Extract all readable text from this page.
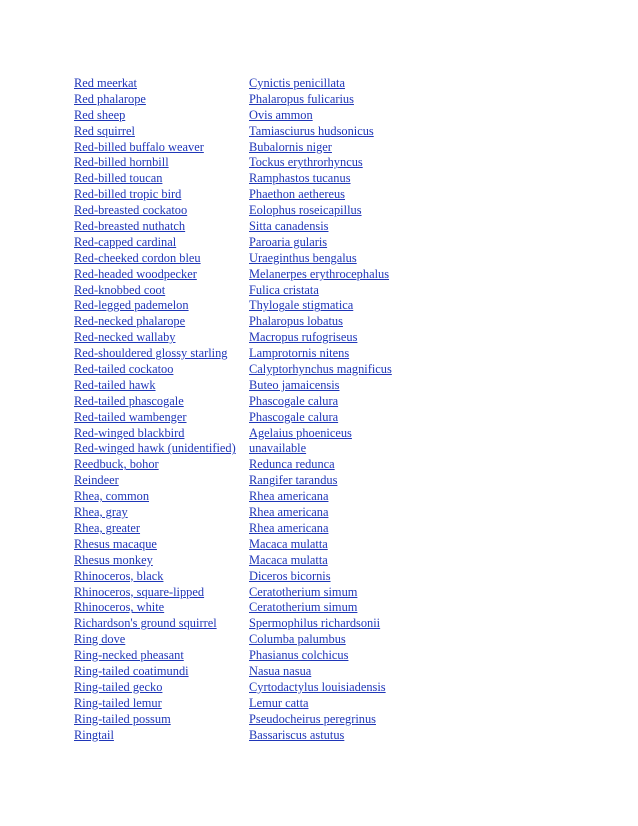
Red meerkat	Cynictis penicillata
Red phalarope	Phalaropus fulicarius
Red sheep	Ovis ammon
Red squirrel	Tamiasciurus hudsonicus
Red-billed buffalo weaver	Bubalornis niger
Red-billed hornbill	Tockus erythrorhyncus
Red-billed toucan	Ramphastos tucanus
Red-billed tropic bird	Phaethon aethereus
Red-breasted cockatoo	Eolophus roseicapillus
Red-breasted nuthatch	Sitta canadensis
Red-capped cardinal	Paroaria gularis
Red-cheeked cordon bleu	Uraeginthus bengalus
Red-headed woodpecker	Melanerpes erythrocephalus
Red-knobbed coot	Fulica cristata
Red-legged pademelon	Thylogale stigmatica
Red-necked phalarope	Phalaropus lobatus
Red-necked wallaby	Macropus rufogriseus
Red-shouldered glossy starling Lamprotornis nitens
Red-tailed cockatoo	Calyptorhynchus magnificus
Red-tailed hawk	Buteo jamaicensis
Red-tailed phascogale	Phascogale calura
Red-tailed wambenger	Phascogale calura
Red-winged blackbird	Agelaius phoeniceus
Red-winged hawk (unidentified) unavailable
Reedbuck, bohor	Redunca redunca
Reindeer	Rangifer tarandus
Rhea, common	Rhea americana
Rhea, gray	Rhea americana
Rhea, greater	Rhea americana
Rhesus macaque	Macaca mulatta
Rhesus monkey	Macaca mulatta
Rhinoceros, black	Diceros bicornis
Rhinoceros, square-lipped	Ceratotherium simum
Rhinoceros, white	Ceratotherium simum
Richardson's ground squirrel	Spermophilus richardsonii
Ring dove	Columba palumbus
Ring-necked pheasant	Phasianus colchicus
Ring-tailed coatimundi	Nasua nasua
Ring-tailed gecko	Cyrtodactylus louisiadensis
Ring-tailed lemur	Lemur catta
Ring-tailed possum	Pseudocheirus peregrinus
Ringtail	Bassariscus astutus
